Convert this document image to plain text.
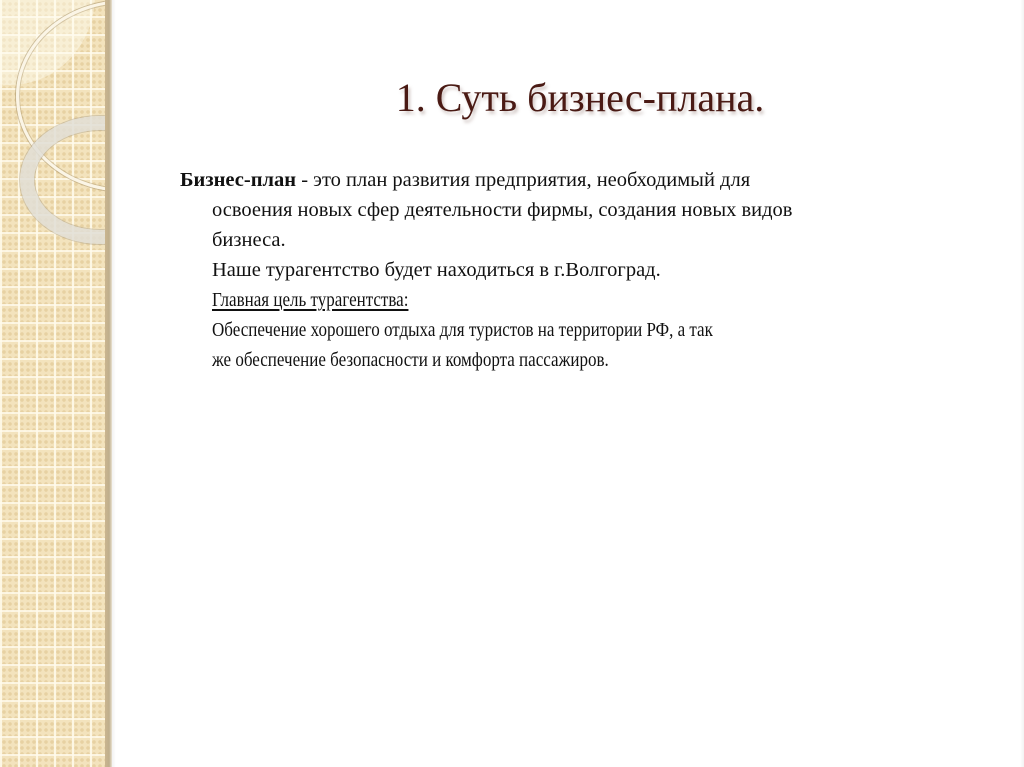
1. Суть бизнес-плана.

Бизнес-план - это план развития предприятия, необходимый для

освоения новых сфер деятельности фирмы, создания новых видов
бизнеса.
Наше турагентство будет находиться в г.Волгоград.
Главная цель турагентства:
Обеспечение хорошего отдыха для туристов на территории РФ, а так
же обеспечение безопасности и комфорта пассажиров.
